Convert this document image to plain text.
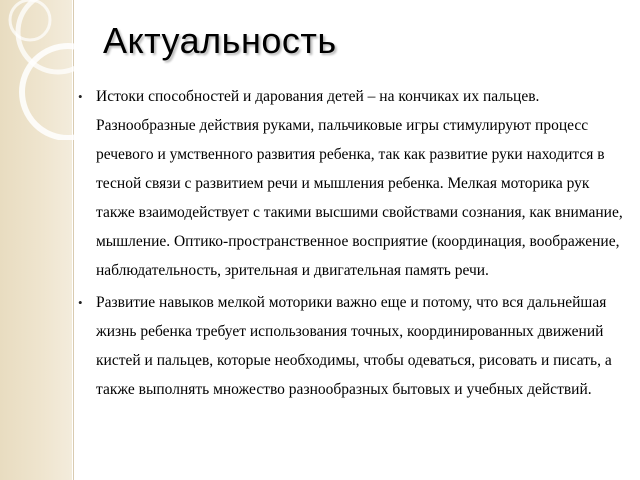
Актуальность
• Истоки способностей и дарования детей – на кончиках их пальцев. Разнообразные действия руками, пальчиковые игры стимулируют процесс речевого и умственного развития ребенка, так как развитие руки находится в тесной связи с развитием речи и мышления ребенка. Мелкая моторика рук также взаимодействует с такими высшими свойствами сознания, как внимание, мышление. Оптико-пространственное восприятие (координация, воображение, наблюдательность, зрительная и двигательная память речи.
• Развитие навыков мелкой моторики важно еще и потому, что вся дальнейшая жизнь ребенка требует использования точных, координированных движений кистей и пальцев, которые необходимы, чтобы одеваться, рисовать и писать, а также выполнять множество разнообразных бытовых и учебных действий.
